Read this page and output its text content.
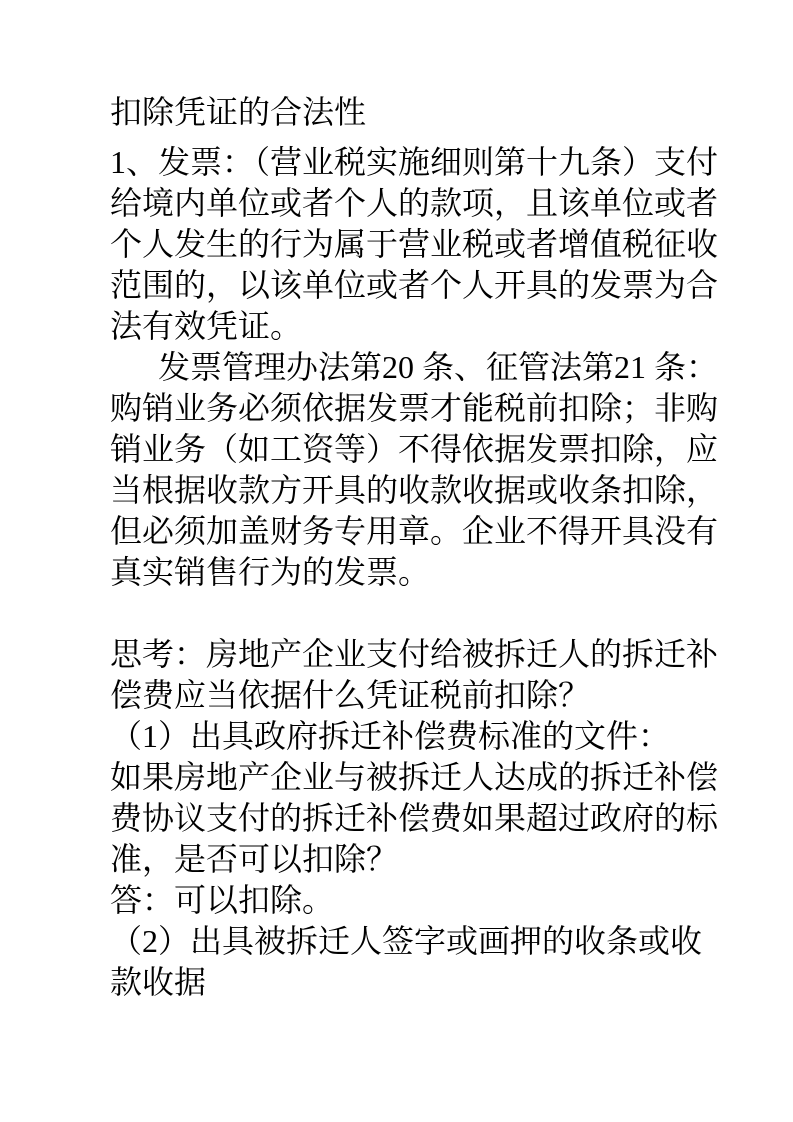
扣除凭证的合法性
1、发票：（营业税实施细则第十九条）支付
给境内单位或者个人的款项，且该单位或者
个人发生的行为属于营业税或者增值税征收
范围的，以该单位或者个人开具的发票为合
法有效凭证。
发票管理办法第20 条、征管法第21 条：
购销业务必须依据发票才能税前扣除；非购
销业务（如工资等）不得依据发票扣除，应
当根据收款方开具的收款收据或收条扣除，
但必须加盖财务专用章。企业不得开具没有
真实销售行为的发票。
思考：房地产企业支付给被拆迁人的拆迁补
偿费应当依据什么凭证税前扣除？
（1）出具政府拆迁补偿费标准的文件：
如果房地产企业与被拆迁人达成的拆迁补偿
费协议支付的拆迁补偿费如果超过政府的标
准，是否可以扣除？
答：可以扣除。
（2）出具被拆迁人签字或画押的收条或收
款收据
